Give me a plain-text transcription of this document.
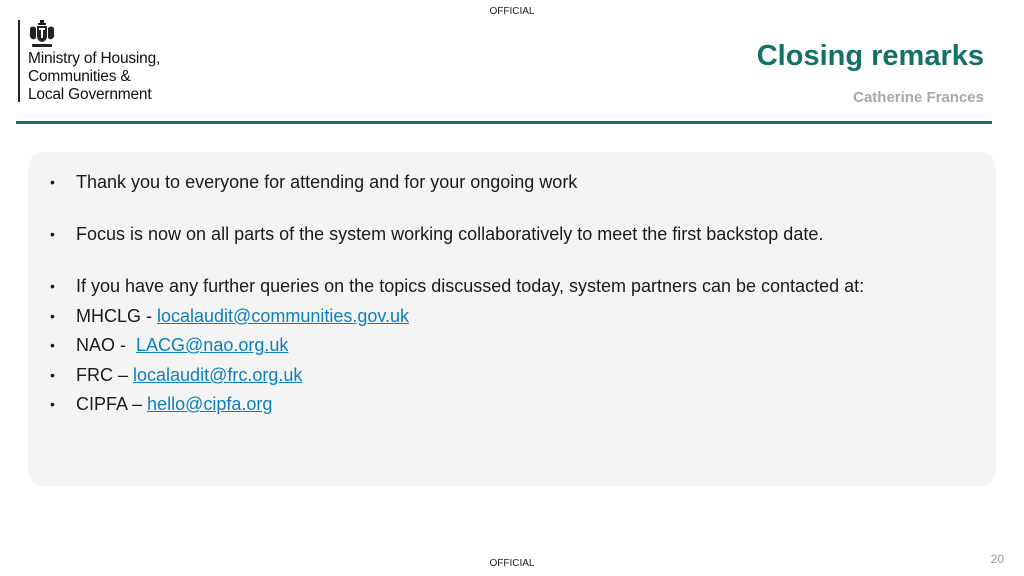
OFFICIAL
Ministry of Housing,
Communities &
Local Government
Closing remarks
Catherine Frances
• Thank you to everyone for attending and for your ongoing work
• Focus is now on all parts of the system working collaboratively to meet the first backstop date.
• If you have any further queries on the topics discussed today, system partners can be contacted at:
• MHCLG - localaudit@communities.gov.uk
• NAO -  LACG@nao.org.uk
• FRC – localaudit@frc.org.uk
• CIPFA – hello@cipfa.org
20
OFFICIAL
